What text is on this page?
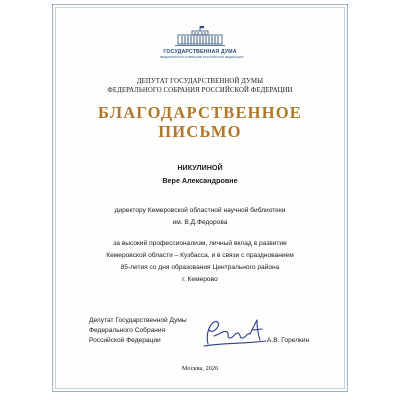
ГОСУДАРСТВЕННАЯ ДУМА
ФЕДЕРАЛЬНОГО СОБРАНИЯ РОССИЙСКОЙ ФЕДЕРАЦИИ
ДЕПУТАТ ГОСУДАРСТВЕННОЙ ДУМЫ
ФЕДЕРАЛЬНОГО СОБРАНИЯ РОССИЙСКОЙ ФЕДЕРАЦИИ
БЛАГОДАРСТВЕННОЕ
ПИСЬМО
НИКУЛИНОЙ
Вере Александровне
директору Кемеровской областной научной библиотеки
им. В.Д.Федорова
за высокий профессионализм, личный вклад в развитие
Кемеровской области – Кузбасса, и в связи с празднованием
85-летия со дня образования Центрального района
г. Кемерово
Депутат Государственной Думы
Федерального Собрания
Российской Федерации	А.В. Горелкин
Москва, 2026
